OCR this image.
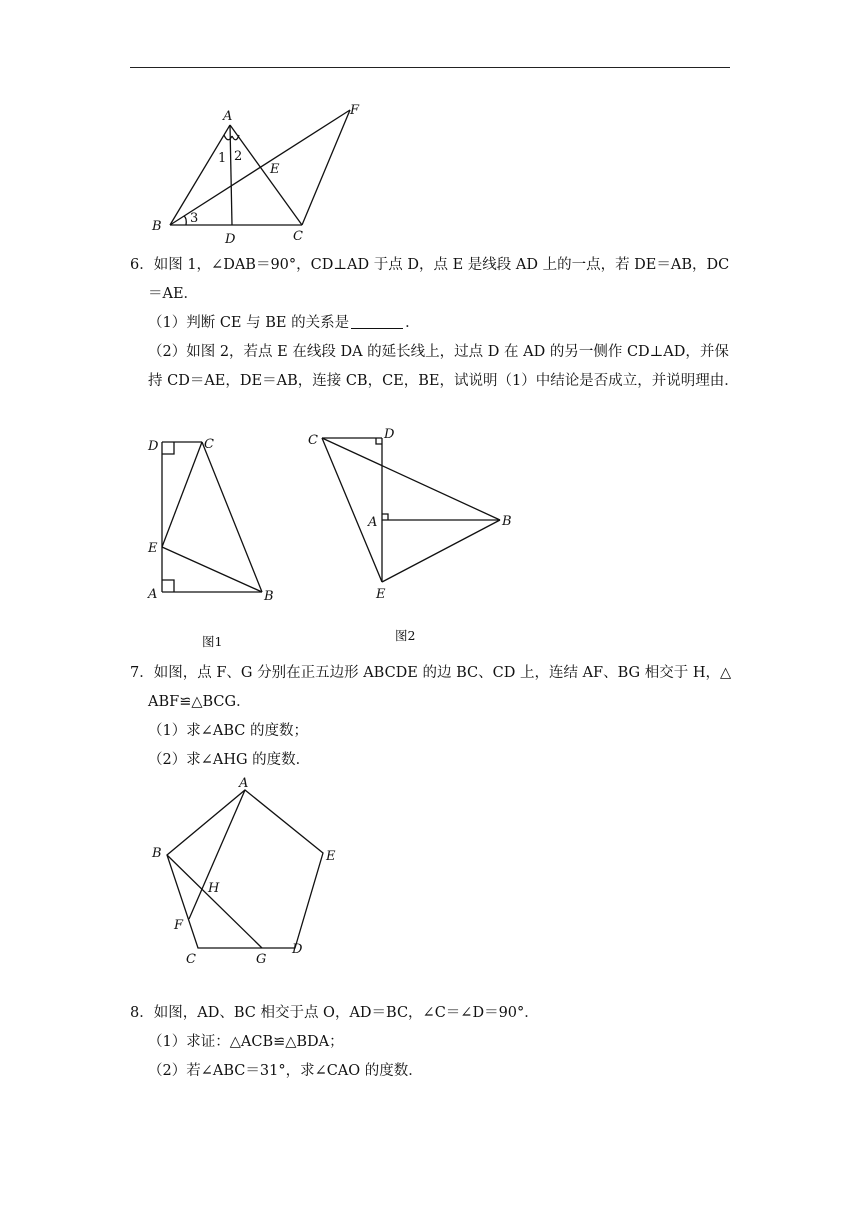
A
B
C
D
E
F
1 2
3
6．如图 1，∠DAB＝90°，CD⊥AD 于点 D，点 E 是线段 AD 上的一点，若 DE＝AB，DC
＝AE．
（1）判断 CE 与 BE 的关系是	．
（2）如图 2，若点 E 在线段 DA 的延长线上，过点 D 在 AD 的另一侧作 CD⊥AD，并保
持 CD＝AE，DE＝AB，连接 CB，CE，BE，试说明（1）中结论是否成立，并说明理由．
D	C
E
A	B
图1
C	D
A	B
E
图2
7．如图，点 F、G 分别在正五边形 ABCDE 的边 BC、CD 上，连结 AF、BG 相交于 H，△
ABF≌△BCG．
（1）求∠ABC 的度数；
（2）求∠AHG 的度数．
A
B
C
D
E
F
G
H
8．如图，AD、BC 相交于点 O，AD＝BC，∠C＝∠D＝90°．
（1）求证：△ACB≌△BDA；
（2）若∠ABC＝31°，求∠CAO 的度数．
